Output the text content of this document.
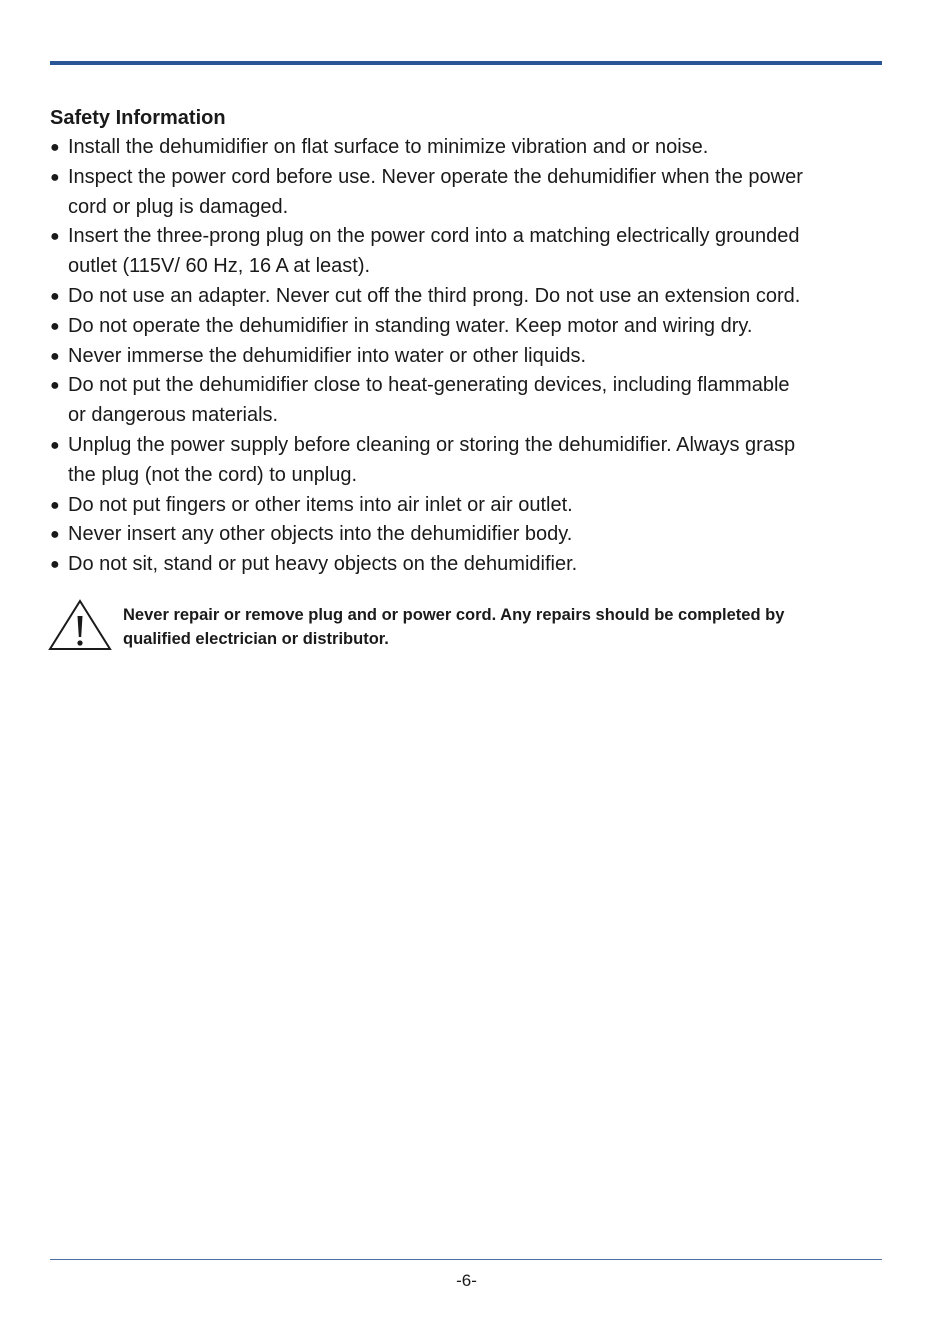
Safety Information
● Install the dehumidifier on flat surface to minimize vibration and or noise.
● Inspect the power cord before use. Never operate the dehumidifier when the power
cord or plug is damaged.
● Insert the three-prong plug on the power cord into a matching electrically grounded
outlet (115V/ 60 Hz, 16 A at least).
● Do not use an adapter. Never cut off the third prong. Do not use an extension cord.
● Do not operate the dehumidifier in standing water. Keep motor and wiring dry.
● Never immerse the dehumidifier into water or other liquids.
● Do not put the dehumidifier close to heat-generating devices, including flammable
or dangerous materials.
● Unplug the power supply before cleaning or storing the dehumidifier. Always grasp
the plug (not the cord) to unplug.
● Do not put fingers or other items into air inlet or air outlet.
● Never insert any other objects into the dehumidifier body.
● Do not sit, stand or put heavy objects on the dehumidifier.
Never repair or remove plug and or power cord. Any repairs should be completed by
qualified electrician or distributor.
-6-
